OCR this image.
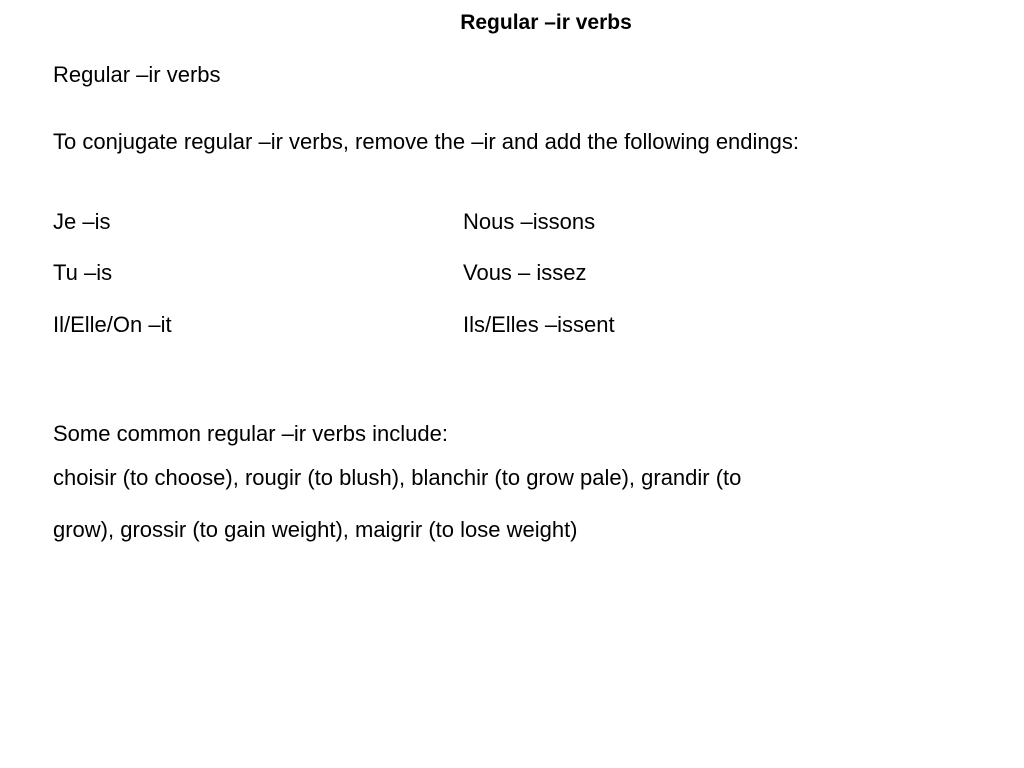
Regular –ir verbs
Regular –ir verbs
To conjugate regular –ir verbs, remove the –ir and add the following endings:
Je –is	Nous –issons
Tu –is	Vous – issez
Il/Elle/On –it	Ils/Elles –issent
Some common regular –ir verbs include:
choisir (to choose), rougir (to blush), blanchir (to grow pale), grandir (to
grow), grossir (to gain weight), maigrir (to lose weight)
